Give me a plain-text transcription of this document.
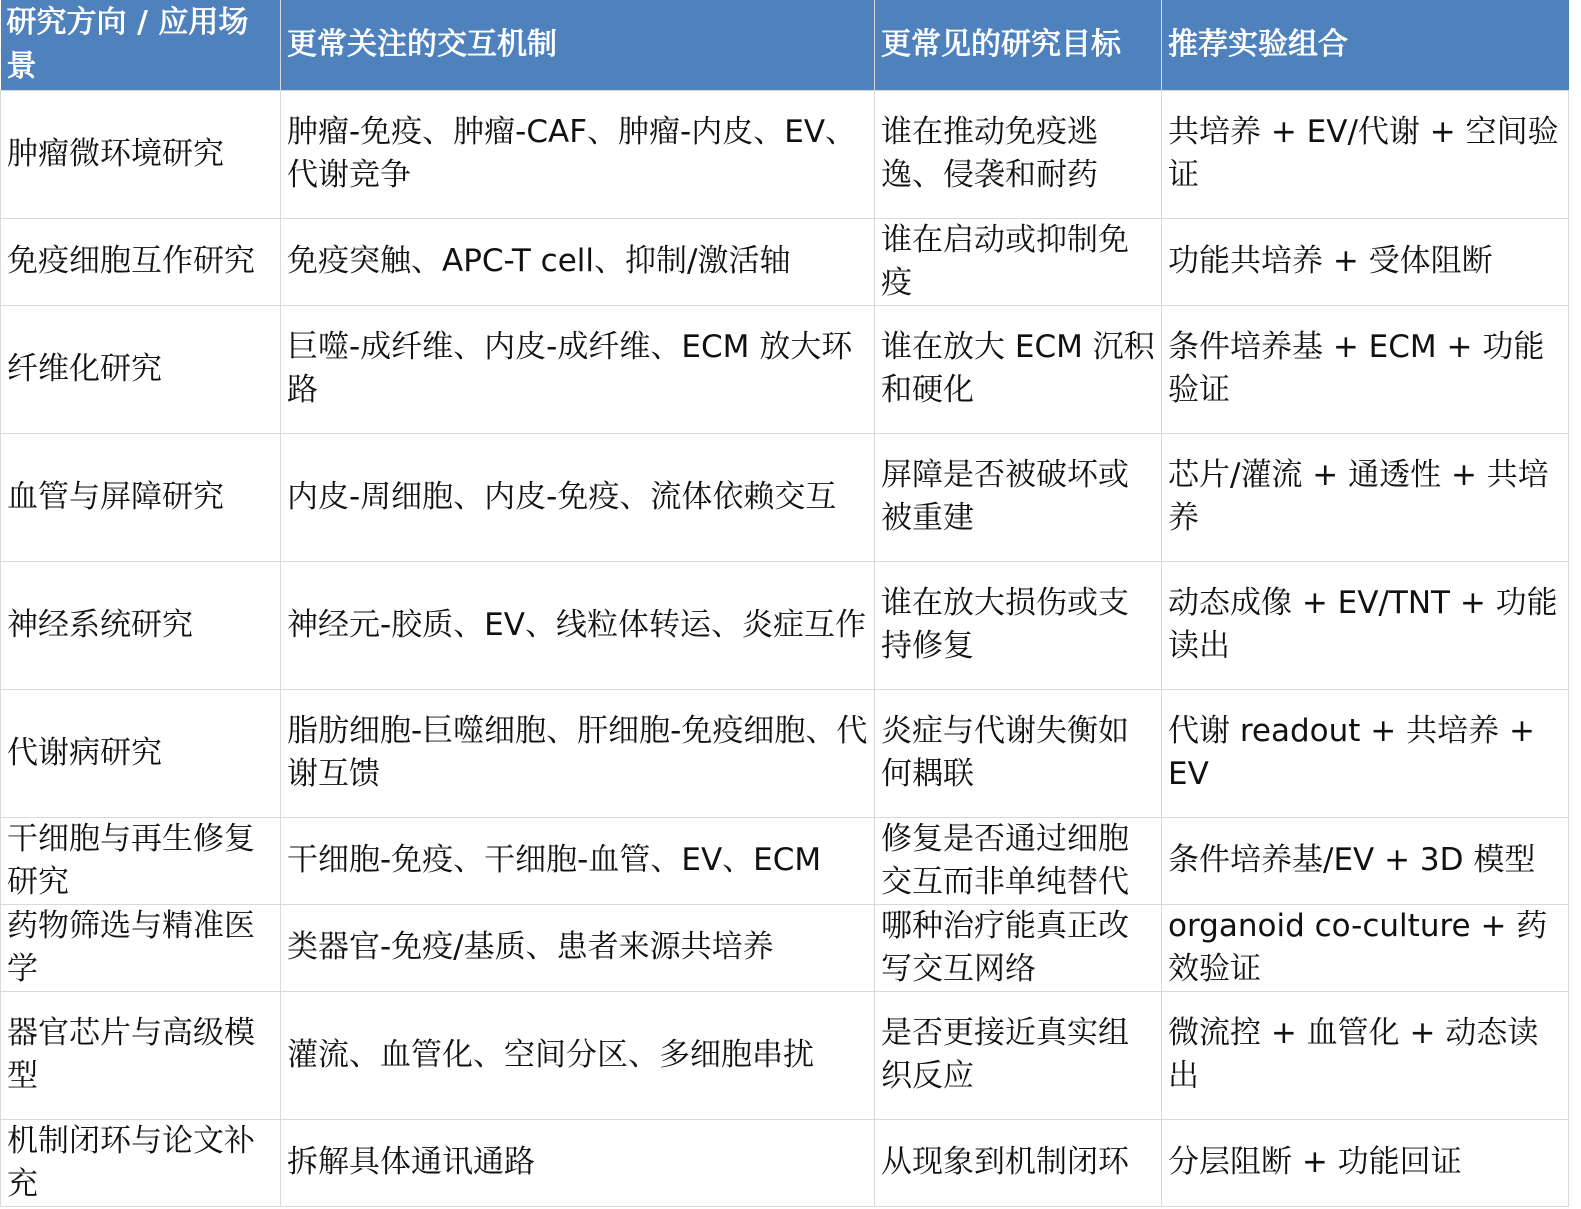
研究方向 / 应用场景	更常关注的交互机制	更常见的研究目标	推荐实验组合
肿瘤微环境研究	肿瘤-免疫、肿瘤-CAF、肿瘤-内皮、EV、代谢竞争	谁在推动免疫逃逸、侵袭和耐药	共培养 + EV/代谢 + 空间验证
免疫细胞互作研究	免疫突触、APC-T cell、抑制/激活轴	谁在启动或抑制免疫	功能共培养 + 受体阻断
纤维化研究	巨噬-成纤维、内皮-成纤维、ECM 放大环路	谁在放大 ECM 沉积和硬化	条件培养基 + ECM + 功能验证
血管与屏障研究	内皮-周细胞、内皮-免疫、流体依赖交互	屏障是否被破坏或被重建	芯片/灌流 + 通透性 + 共培养
神经系统研究	神经元-胶质、EV、线粒体转运、炎症互作	谁在放大损伤或支持修复	动态成像 + EV/TNT + 功能读出
代谢病研究	脂肪细胞-巨噬细胞、肝细胞-免疫细胞、代谢互馈	炎症与代谢失衡如何耦联	代谢 readout + 共培养 + EV
干细胞与再生修复研究	干细胞-免疫、干细胞-血管、EV、ECM	修复是否通过细胞交互而非单纯替代	条件培养基/EV + 3D 模型
药物筛选与精准医学	类器官-免疫/基质、患者来源共培养	哪种治疗能真正改写交互网络	organoid co-culture + 药效验证
器官芯片与高级模型	灌流、血管化、空间分区、多细胞串扰	是否更接近真实组织反应	微流控 + 血管化 + 动态读出
机制闭环与论文补充	拆解具体通讯通路	从现象到机制闭环	分层阻断 + 功能回证
